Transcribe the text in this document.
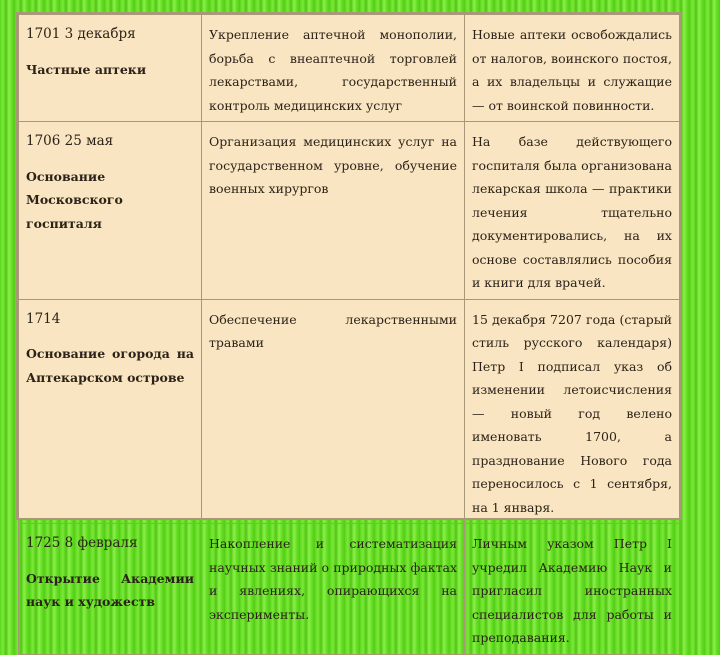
1701 3 декабря
Частные аптеки	Укрепление аптечной монополии, борьба с внеаптечной торговлей лекарствами, государственный контроль медицинских услуг	Новые аптеки освобождались от налогов, воинского постоя, а их владельцы и служащие — от воинской повинности.

1706 25 мая
Основание Московского госпиталя	Организация медицинских услуг на государственном уровне, обучение военных хирургов	На базе действующего госпиталя была организована лекарская школа — практики лечения тщательно документировались, на их основе составлялись пособия и книги для врачей.

1714
Основание огорода на Аптекарском острове	Обеспечение лекарственными травами	15 декабря 7207 года (старый стиль русского календаря) Петр I подписал указ об изменении летоисчисления — новый год велено именовать 1700, а празднование Нового года переносилось с 1 сентября, на 1 января.

1725 8 февраля
Открытие Академии наук и художеств	Накопление и систематизация научных знаний о природных фактах и явлениях, опирающихся на эксперименты.	Личным указом Петр I учредил Академию Наук и пригласил иностранных специалистов для работы и преподавания.
